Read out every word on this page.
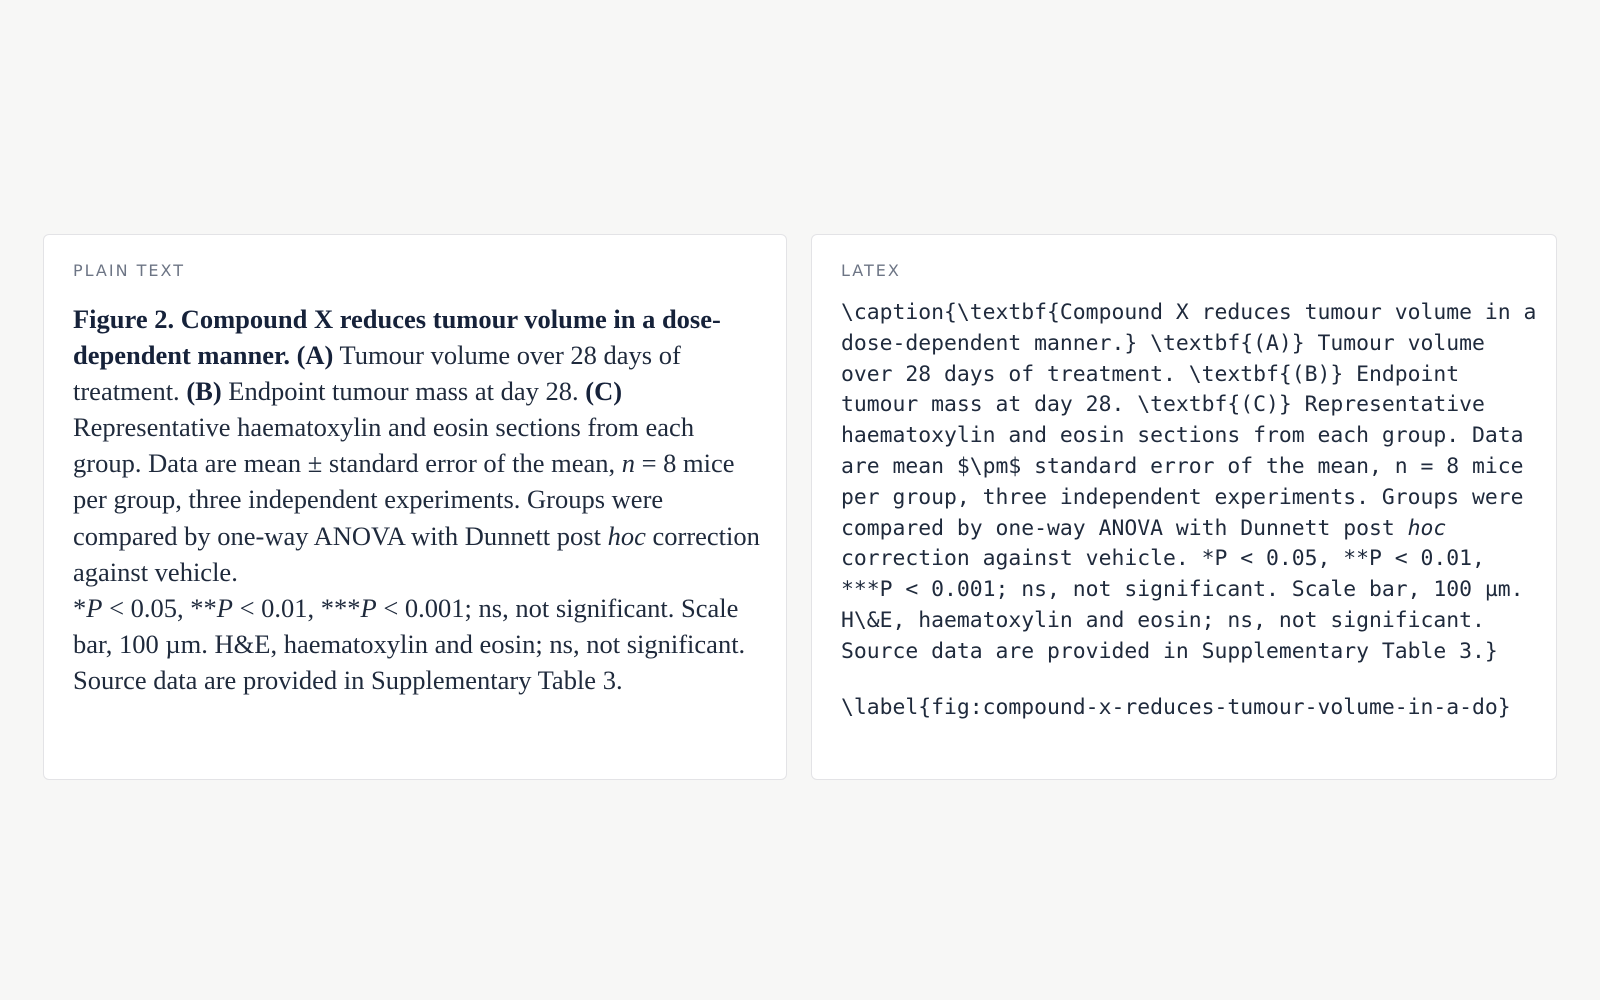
PLAIN TEXT

Figure 2. Compound X reduces tumour volume in a dose-dependent manner. (A) Tumour volume over 28 days of treatment. (B) Endpoint tumour mass at day 28. (C) Representative haematoxylin and eosin sections from each group. Data are mean ± standard error of the mean, n = 8 mice per group, three independent experiments. Groups were compared by one-way ANOVA with Dunnett post hoc correction against vehicle.
*P < 0.05, **P < 0.01, ***P < 0.001; ns, not significant. Scale bar, 100 µm. H&E, haematoxylin and eosin; ns, not significant. Source data are provided in Supplementary Table 3.

LATEX
\caption{\textbf{Compound X reduces tumour volume in a
dose-dependent manner.} \textbf{(A)} Tumour volume
over 28 days of treatment. \textbf{(B)} Endpoint
tumour mass at day 28. \textbf{(C)} Representative
haematoxylin and eosin sections from each group. Data
are mean $\pm$ standard error of the mean, n = 8 mice
per group, three independent experiments. Groups were
compared by one-way ANOVA with Dunnett post hoc
correction against vehicle. *P < 0.05, **P < 0.01,
***P < 0.001; ns, not significant. Scale bar, 100 µm.
H\&E, haematoxylin and eosin; ns, not significant.
Source data are provided in Supplementary Table 3.}
\label{fig:compound-x-reduces-tumour-volume-in-a-do}
